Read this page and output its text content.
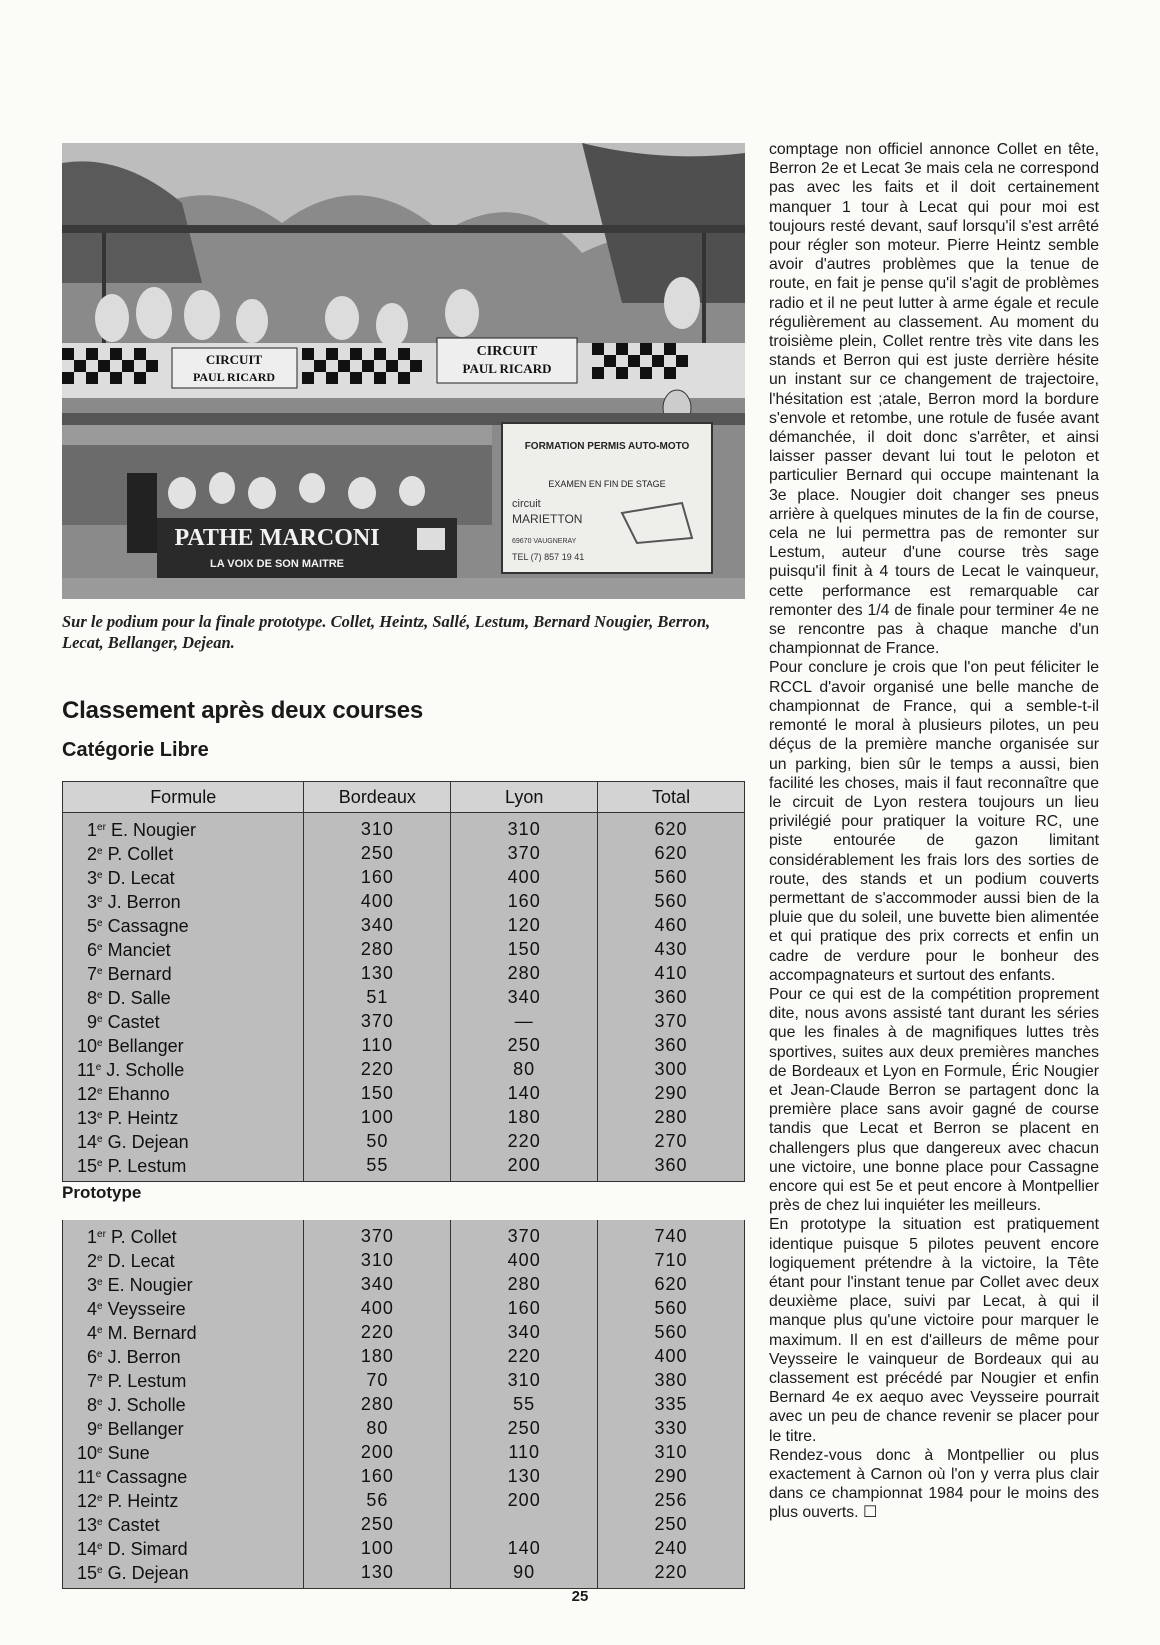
CIRCUIT
PAUL RICARD
CIRCUIT
PAUL RICARD
PATHE MARCONI
LA VOIX DE SON MAITRE
FORMATION PERMIS AUTO-MOTO
EXAMEN EN FIN DE STAGE
circuit
MARIETTON
69670 VAUGNERAY
TEL (7) 857 19 41
Sur le podium pour la finale prototype. Collet, Heintz, Sallé, Lestum, Bernard Nougier, Berron, Lecat, Bellanger, Dejean.
Classement après deux courses
Catégorie Libre
Formule	Bordeaux	Lyon	Total
1er E. Nougier	310	310	620
2e P. Collet	250	370	620
3e D. Lecat	160	400	560
3e J. Berron	400	160	560
5e Cassagne	340	120	460
6e Manciet	280	150	430
7e Bernard	130	280	410
8e D. Salle	51	340	360
9e Castet	370	—	370
10e Bellanger	110	250	360
11e J. Scholle	220	80	300
12e Ehanno	150	140	290
13e P. Heintz	100	180	280
14e G. Dejean	50	220	270
15e P. Lestum	55	200	360
Prototype
1er P. Collet	370	370	740
2e D. Lecat	310	400	710
3e E. Nougier	340	280	620
4e Veysseire	400	160	560
4e M. Bernard	220	340	560
6e J. Berron	180	220	400
7e P. Lestum	70	310	380
8e J. Scholle	280	55	335
9e Bellanger	80	250	330
10e Sune	200	110	310
11e Cassagne	160	130	290
12e P. Heintz	56	200	256
13e Castet	250		250
14e D. Simard	100	140	240
15e G. Dejean	130	90	220

comptage non officiel annonce Collet en tête, Berron 2e et Lecat 3e mais cela ne correspond pas avec les faits et il doit certainement manquer 1 tour à Lecat qui pour moi est toujours resté devant, sauf lorsqu'il s'est arrêté pour régler son moteur. Pierre Heintz semble avoir d'autres problèmes que la tenue de route, en fait je pense qu'il s'agit de problèmes radio et il ne peut lutter à arme égale et recule régulièrement au classement. Au moment du troisième plein, Collet rentre très vite dans les stands et Berron qui est juste derrière hésite un instant sur ce changement de trajectoire, l'hésitation est ;atale, Berron mord la bordure s'envole et retombe, une rotule de fusée avant démanchée, il doit donc s'arrêter, et ainsi laisser passer devant lui tout le peloton et particulier Bernard qui occupe maintenant la 3e place. Nougier doit changer ses pneus arrière à quelques minutes de la fin de course, cela ne lui permettra pas de remonter sur Lestum, auteur d'une course très sage puisqu'il finit à 4 tours de Lecat le vainqueur, cette performance est remarquable car remonter des 1/4 de finale pour terminer 4e ne se rencontre pas à chaque manche d'un championnat de France.

Pour conclure je crois que l'on peut féliciter le RCCL d'avoir organisé une belle manche de championnat de France, qui a semble-t-il remonté le moral à plusieurs pilotes, un peu déçus de la première manche organisée sur un parking, bien sûr le temps a aussi, bien facilité les choses, mais il faut reconnaître que le circuit de Lyon restera toujours un lieu privilégié pour pratiquer la voiture RC, une piste entourée de gazon limitant considérablement les frais lors des sorties de route, des stands et un podium couverts permettant de s'accommoder aussi bien de la pluie que du soleil, une buvette bien alimentée et qui pratique des prix corrects et enfin un cadre de verdure pour le bonheur des accompagnateurs et surtout des enfants.

Pour ce qui est de la compétition proprement dite, nous avons assisté tant durant les séries que les finales à de magnifiques luttes très sportives, suites aux deux premières manches de Bordeaux et Lyon en Formule, Éric Nougier et Jean-Claude Berron se partagent donc la première place sans avoir gagné de course tandis que Lecat et Berron se placent en challengers plus que dangereux avec chacun une victoire, une bonne place pour Cassagne encore qui est 5e et peut encore à Montpellier près de chez lui inquiéter les meilleurs.

En prototype la situation est pratiquement identique puisque 5 pilotes peuvent encore logiquement prétendre à la victoire, la Tête étant pour l'instant tenue par Collet avec deux deuxième place, suivi par Lecat, à qui il manque plus qu'une victoire pour marquer le maximum. Il en est d'ailleurs de même pour Veysseire le vainqueur de Bordeaux qui au classement est précédé par Nougier et enfin Bernard 4e ex aequo avec Veysseire pourrait avec un peu de chance revenir se placer pour le titre.

Rendez-vous donc à Montpellier ou plus exactement à Carnon où l'on y verra plus clair dans ce championnat 1984 pour le moins des plus ouverts. ☐

25
